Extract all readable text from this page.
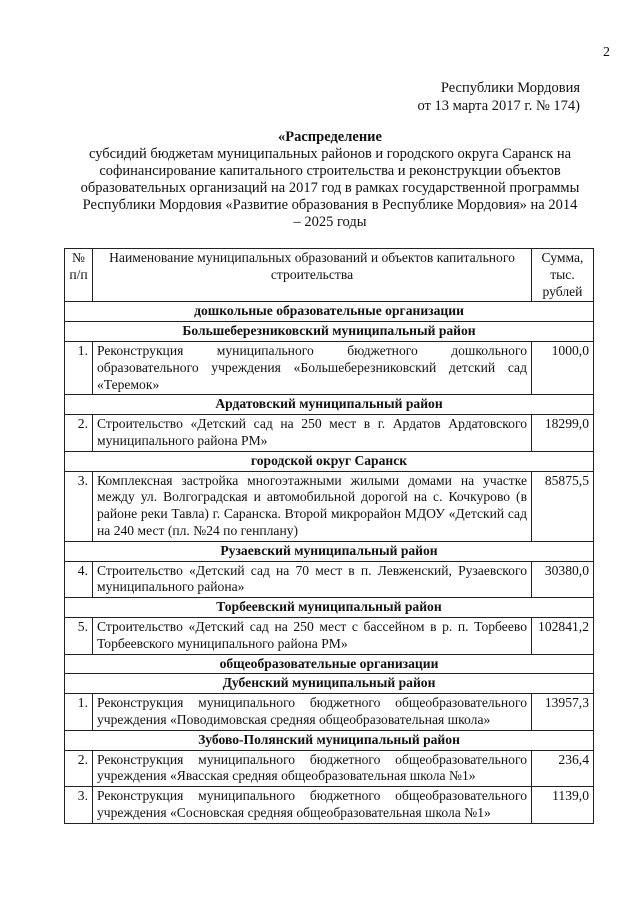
2
Республики Мордовия
от 13 марта 2017 г. № 174)
«Распределение
субсидий бюджетам муниципальных районов и городского округа Саранск на
софинансирование капитального строительства и реконструкции объектов
образовательных организаций на 2017 год в рамках государственной программы
Республики Мордовия «Развитие образования в Республике Мордовия» на 2014
– 2025 годы
№ п/п	Наименование муниципальных образований и объектов капитального строительства	Сумма, тыс. рублей
дошкольные образовательные организации		
Большеберезниковский муниципальный район		
1.	Реконструкция муниципального бюджетного дошкольного образовательного учреждения «Большеберезниковский детский сад «Теремок»	1000,0
Ардатовский муниципальный район		
2.	Строительство «Детский сад на 250 мест в г. Ардатов Ардатовского муниципального района РМ»	18299,0
городской округ Саранск		
3.	Комплексная застройка многоэтажными жилыми домами на участке между ул. Волгоградская и автомобильной дорогой на с. Кочкурово (в районе реки Тавла) г. Саранска. Второй микрорайон МДОУ «Детский сад на 240 мест (пл. №24 по генплану)	85875,5
Рузаевский муниципальный район		
4.	Строительство «Детский сад на 70 мест в п. Левженский, Рузаевского муниципального района»	30380,0
Торбеевский муниципальный район		
5.	Строительство «Детский сад на 250 мест с бассейном в р. п. Торбеево Торбеевского муниципального района РМ»	102841,2
общеобразовательные организации		
Дубенский муниципальный район		
1.	Реконструкция муниципального бюджетного общеобразовательного учреждения «Поводимовская средняя общеобразовательная школа»	13957,3
Зубово-Полянский муниципальный район		
2.	Реконструкция муниципального бюджетного общеобразовательного учреждения «Явасская средняя общеобразовательная школа №1»	236,4
3.	Реконструкция муниципального бюджетного общеобразовательного учреждения «Сосновская средняя общеобразовательная школа №1»	1139,0
